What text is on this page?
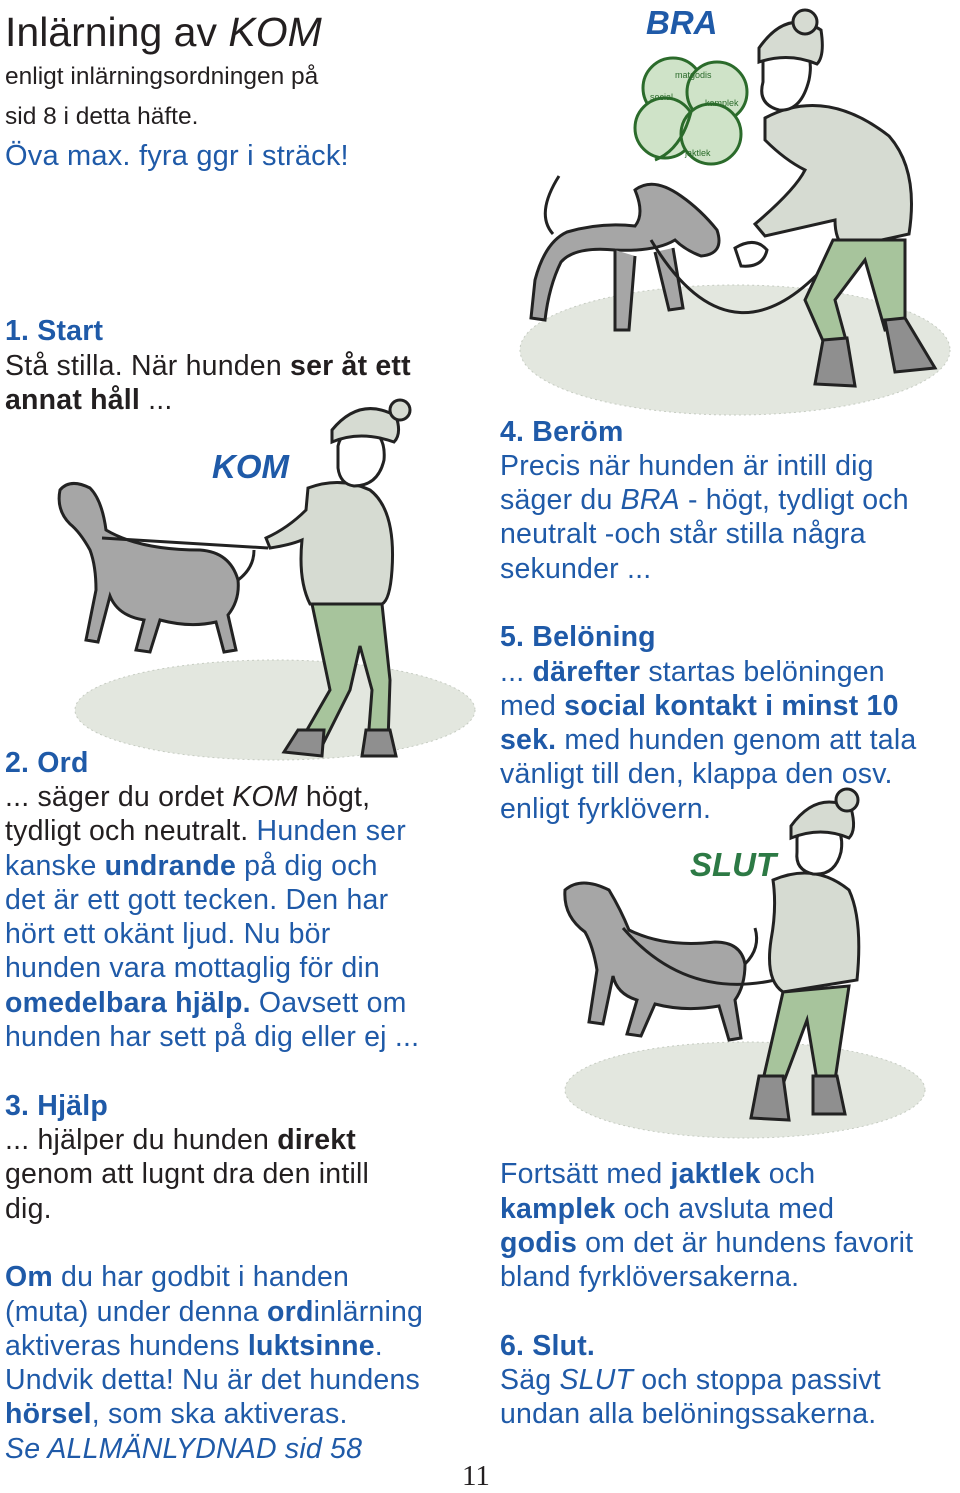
Inlärning av KOM
enligt inlärningsordningen på
sid 8 i detta häfte.
Öva max. fyra ggr i sträck!
KOM
matgodis
social
kamplek
jaktlek
BRA
SLUT
1. Start
Stå stilla. När hunden ser åt ett
annat håll ...
2. Ord
... säger du ordet KOM högt,
tydligt och neutralt. Hunden ser
kanske undrande på dig och
det är ett gott tecken. Den har
hört ett okänt ljud. Nu bör
hunden vara mottaglig för din
omedelbara hjälp. Oavsett om
hunden har sett på dig eller ej ...
3. Hjälp
... hjälper du hunden direkt
genom att lugnt dra den intill
dig.
Om du har godbit i handen
(muta) under denna ordinlärning
aktiveras hundens luktsinne.
Undvik detta! Nu är det hundens
hörsel, som ska aktiveras.
Se ALLMÄNLYDNAD sid 58
4. Beröm
Precis när hunden är intill dig
säger du BRA - högt, tydligt och
neutralt -och står stilla några
sekunder ...
5. Belöning
... därefter startas belöningen
med social kontakt i minst 10
sek. med hunden genom att tala
vänligt till den, klappa den osv.
enligt fyrklövern.
Fortsätt med jaktlek och
kamplek och avsluta med
godis om det är hundens favorit
bland fyrklöversakerna.
6. Slut.
Säg SLUT och stoppa passivt
undan alla belöningssakerna.
11
